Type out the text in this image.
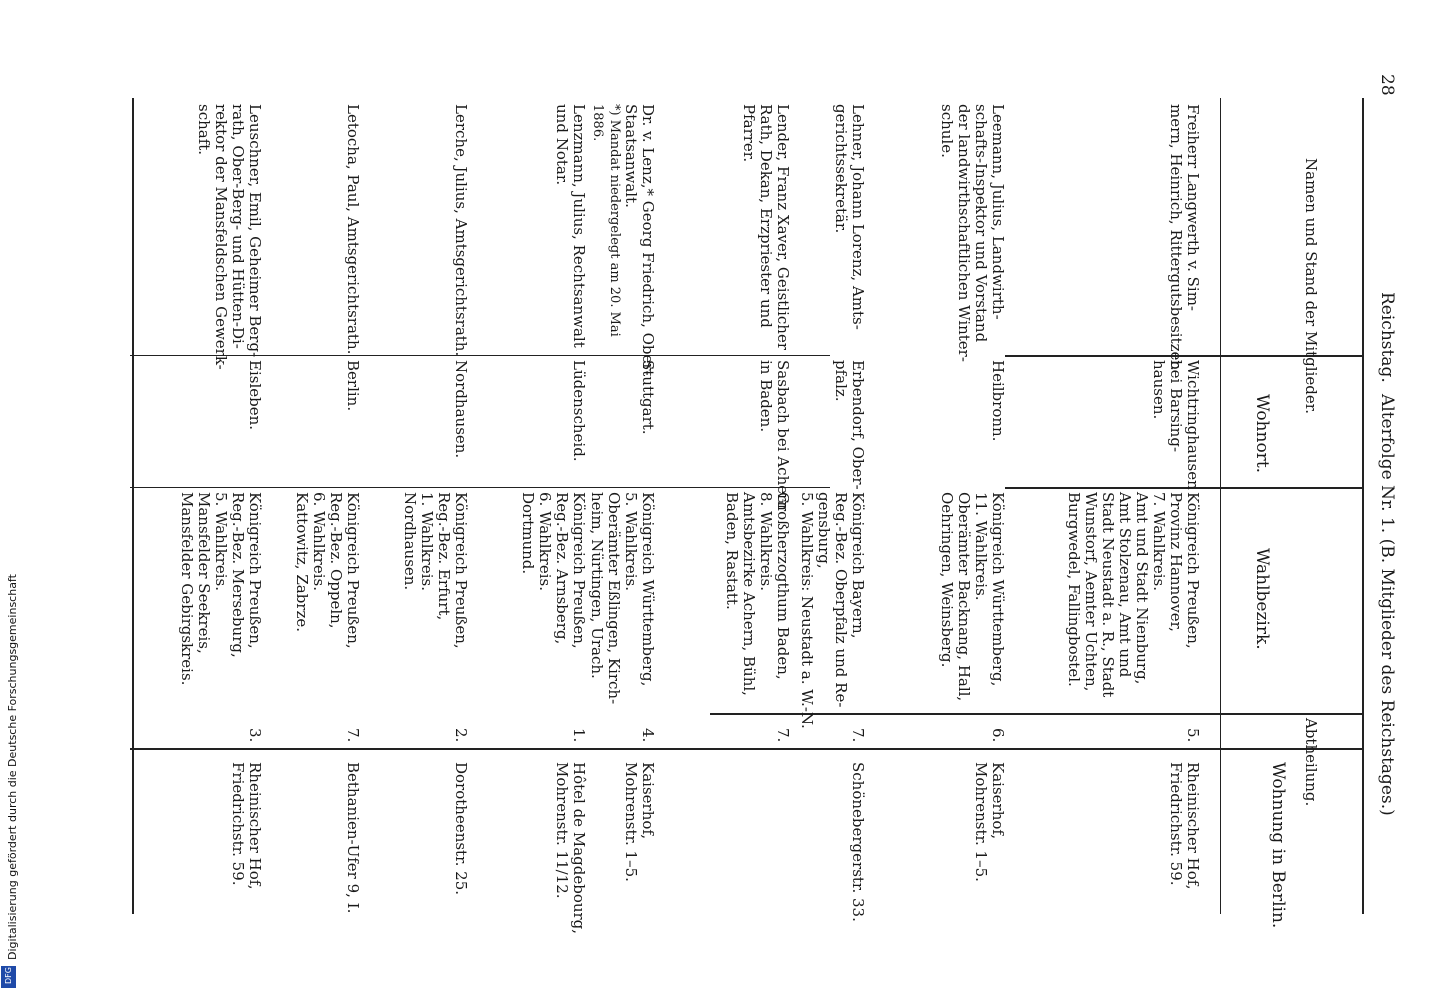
28
Reichstag.
Alterfolge Nr. 1. (B. Mitglieder des Reichstages.)
Namen und Stand der Mitglieder.
Wohnort.
Wahlbezirk.
Abtheilung.
Wohnung in Berlin.
Freiherr Langwerth v. Sim-
mern, Heinrich, Rittergutsbesitzer.
Wichtringhausen
bei Barsing-
hausen.
Königreich Preußen,
Provinz Hannover,
7. Wahlkreis.
Amt und Stadt Nienburg,
Amt Stolzenau, Amt und
Stadt Neustadt a. R., Stadt
Wunstorf, Aemter Uchten,
Burgwedel, Fallingbostel.
Rheinischer Hof,
Friedrichstr. 59.
5.
Leemann, Julius, Landwirth-
schafts-Inspektor und Vorstand
der landwirthschaftlichen Winter-
schule.
Heilbronn.
Königreich Württemberg,
11. Wahlkreis.
Oberämter Backnang, Hall,
Oehringen, Weinsberg.
Kaiserhof,
Mohrenstr. 1–5.
6.
Lehner, Johann Lorenz, Amts-
gerichtssekretär.
Erbendorf, Ober-
pfalz.
Königreich Bayern,
Reg.-Bez. Oberpfalz und Re-
gensburg,
5. Wahlkreis: Neustadt a. W.-N.
Schönebergerstr. 33.
7.
Lender, Franz Xaver, Geistlicher
Rath, Dekan, Erzpriester und
Pfarrer.
Sasbach bei Achern
in Baden.
Großherzogthum Baden,
8. Wahlkreis.
Amtsbezirke Achern, Bühl,
Baden, Rastatt.
7.
Dr. v. Lenz,* Georg Friedrich, Ober-
Staatsanwalt.
*) Mandat niedergelegt am 20. Mai
1886.
Stuttgart.
Königreich Württemberg,
5. Wahlkreis.
Oberämter Eßlingen, Kirch-
heim, Nürtingen, Urach.
Kaiserhof,
Mohrenstr. 1–5.
4.
Lenzmann, Julius, Rechtsanwalt
und Notar.
Lüdenscheid.
Königreich Preußen,
Reg.-Bez. Arnsberg,
6. Wahlkreis.
Dortmund.
Hôtel de Magdebourg,
Mohrenstr. 11/12.
1.
Lerche, Julius, Amtsgerichtsrath.
Nordhausen.
Königreich Preußen,
Reg.-Bez. Erfurt,
1. Wahlkreis.
Nordhausen.
Dorotheenstr. 25.
2.
Letocha, Paul, Amtsgerichtsrath.
Berlin.
Königreich Preußen,
Reg.-Bez. Oppeln,
6. Wahlkreis.
Kattowitz, Zabrze.
Bethanien-Ufer 9, I.
7.
Leuschner, Emil, Geheimer Berg-
rath, Ober-Berg- und Hütten-Di-
rektor der Mansfeldschen Gewerk-
schaft.
Eisleben.
Königreich Preußen,
Reg.-Bez. Merseburg,
5. Wahlkreis.
Mansfelder Seekreis,
Mansfelder Gebirgskreis.
Rheinischer Hof,
Friedrichstr. 59.
3.
Digitalisierung gefördert durch die Deutsche Forschungsgemeinschaft
DFG
